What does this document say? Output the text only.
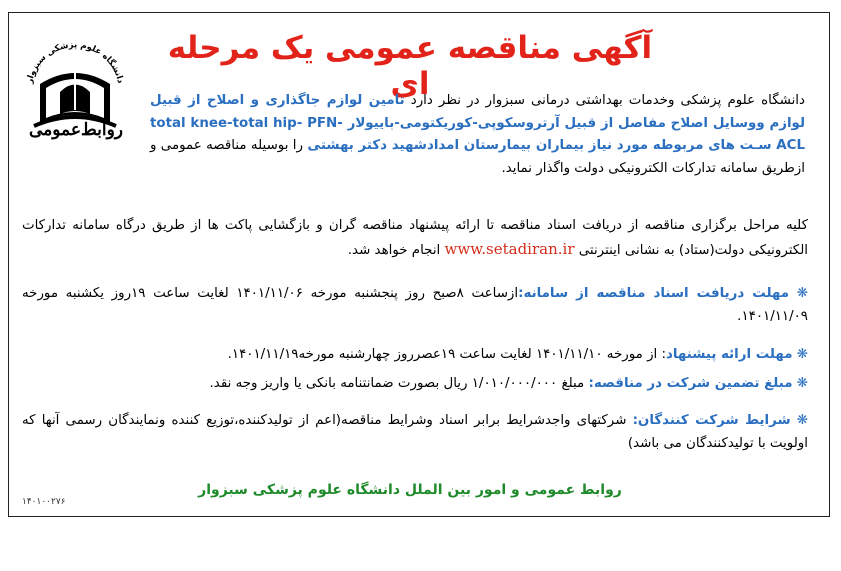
دانشگاه علوم پزشکی سبزوار
روابط‌عمومی
آگهی مناقصه عمومی یک مرحله ای
دانشگاه علوم پزشکی وخدمات بهداشتی درمانی سبزوار در نظر دارد تامین لوازم جاگذاری و اصلاح از قبیل لوازم ووسایل اصلاح مفاصل از قبیل آرتروسکوپی-کوریکتومی-باییولار total knee-total hip- PFN-ACL سـت های مربوطه مورد نیاز بیماران بیمارستان امدادشهید دکتر بهشتی را بوسیله مناقصه عمومی و ازطریق سامانه تدارکات الکترونیکی دولت واگذار نماید.
کلیه مراحل برگزاری مناقصه از دریافت اسناد مناقصه تا ارائه پیشنهاد مناقصه گران و بازگشایی پاکت ها از طریق درگاه سامانه تدارکات الکترونیکی دولت(ستاد) به نشانی اینترنتی www.setadiran.ir انجام خواهد شد.
❋ مهلت دریافت اسناد مناقصه از سامانه:ازساعت ۸صبح روز پنجشنبه مورخه ۱۴۰۱/۱۱/۰۶ لغایت ساعت ۱۹روز یکشنبه مورخه ۱۴۰۱/۱۱/۰۹.
❋ مهلت ارائه پیشنهاد: از مورخه ۱۴۰۱/۱۱/۱۰ لغایت ساعت ۱۹عصرروز چهارشنبه مورخه۱۴۰۱/۱۱/۱۹.
❋ مبلغ تضمین شرکت در مناقصه: مبلغ ۱/۰۱۰/۰۰۰/۰۰۰ ریال بصورت ضمانتنامه بانکی یا واریز وجه نقد.
❋ شرایط شرکت کنندگان: شرکتهای واجدشرایط برابر اسناد وشرایط مناقصه(اعم از تولیدکننده،توزیع کننده ونمایندگان رسمی آنها که اولویت با تولیدکنندگان می باشد)
روابط عمومی و امور بین الملل دانشگاه علوم پزشکی سبزوار
۱۴۰۱۰۰۲۷۶
